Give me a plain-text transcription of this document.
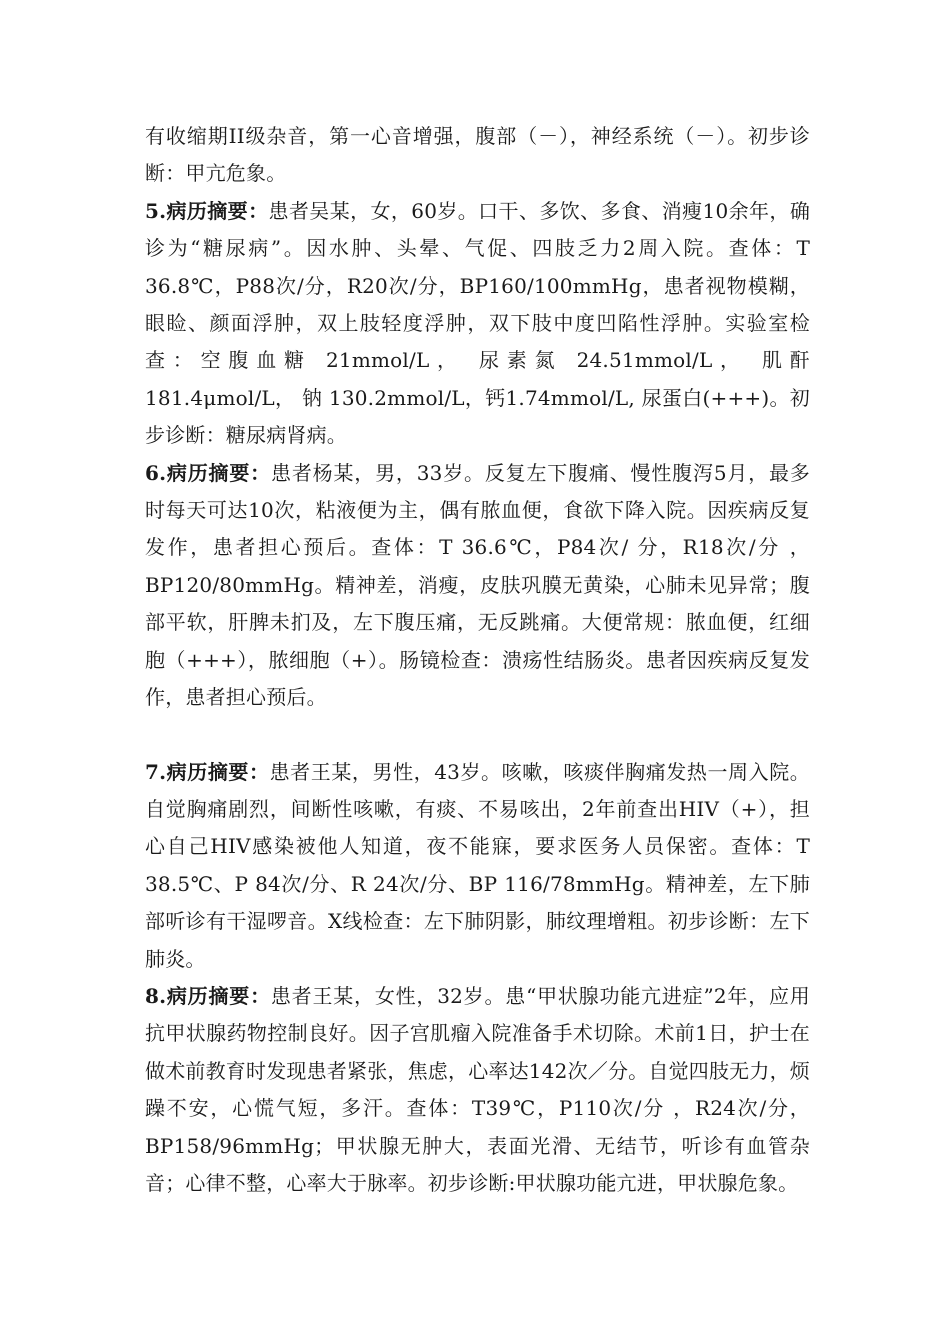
有收缩期II级杂音，第一心音增强，腹部（－），神经系统（－）。初步诊断：甲亢危象。

5.病历摘要：患者吴某，女，60岁。口干、多饮、多食、消瘦10余年，确诊为“糖尿病”。因水肿、头晕、气促、四肢乏力2周入院。查体：T 36.8℃，P88次/分，R20次/分，BP160/100mmHg，患者视物模糊，眼睑、颜面浮肿，双上肢轻度浮肿，双下肢中度凹陷性浮肿。实验室检查：空腹血糖 21mmol/L， 尿素氮 24.51mmol/L， 肌酐 181.4μmol/L， 钠 130.2mmol/L，钙1.74mmol/L, 尿蛋白(+++)。初步诊断：糖尿病肾病。

6.病历摘要：患者杨某，男，33岁。反复左下腹痛、慢性腹泻5月，最多时每天可达10次，粘液便为主，偶有脓血便，食欲下降入院。因疾病反复发作，患者担心预后。查体：T 36.6℃，P84次/ 分，R18次/分 ，BP120/80mmHg。精神差，消瘦，皮肤巩膜无黄染，心肺未见异常；腹部平软，肝脾未扪及，左下腹压痛，无反跳痛。大便常规：脓血便，红细胞（+++），脓细胞（+）。肠镜检查：溃疡性结肠炎。患者因疾病反复发作，患者担心预后。

7.病历摘要：患者王某，男性，43岁。咳嗽，咳痰伴胸痛发热一周入院。自觉胸痛剧烈，间断性咳嗽，有痰、不易咳出，2年前查出HIV（+），担心自己HIV感染被他人知道，夜不能寐，要求医务人员保密。查体：T 38.5℃、P 84次/分、R 24次/分、BP 116/78mmHg。精神差，左下肺部听诊有干湿啰音。X线检查：左下肺阴影，肺纹理增粗。初步诊断：左下肺炎。

8.病历摘要：患者王某，女性，32岁。患“甲状腺功能亢进症”2年，应用抗甲状腺药物控制良好。因子宫肌瘤入院准备手术切除。术前1日，护士在做术前教育时发现患者紧张，焦虑，心率达142次／分。自觉四肢无力，烦躁不安，心慌气短，多汗。查体：T39℃，P110次/分 ，R24次/分，BP158/96mmHg；甲状腺无肿大，表面光滑、无结节，听诊有血管杂音；心律不整，心率大于脉率。初步诊断:甲状腺功能亢进，甲状腺危象。
